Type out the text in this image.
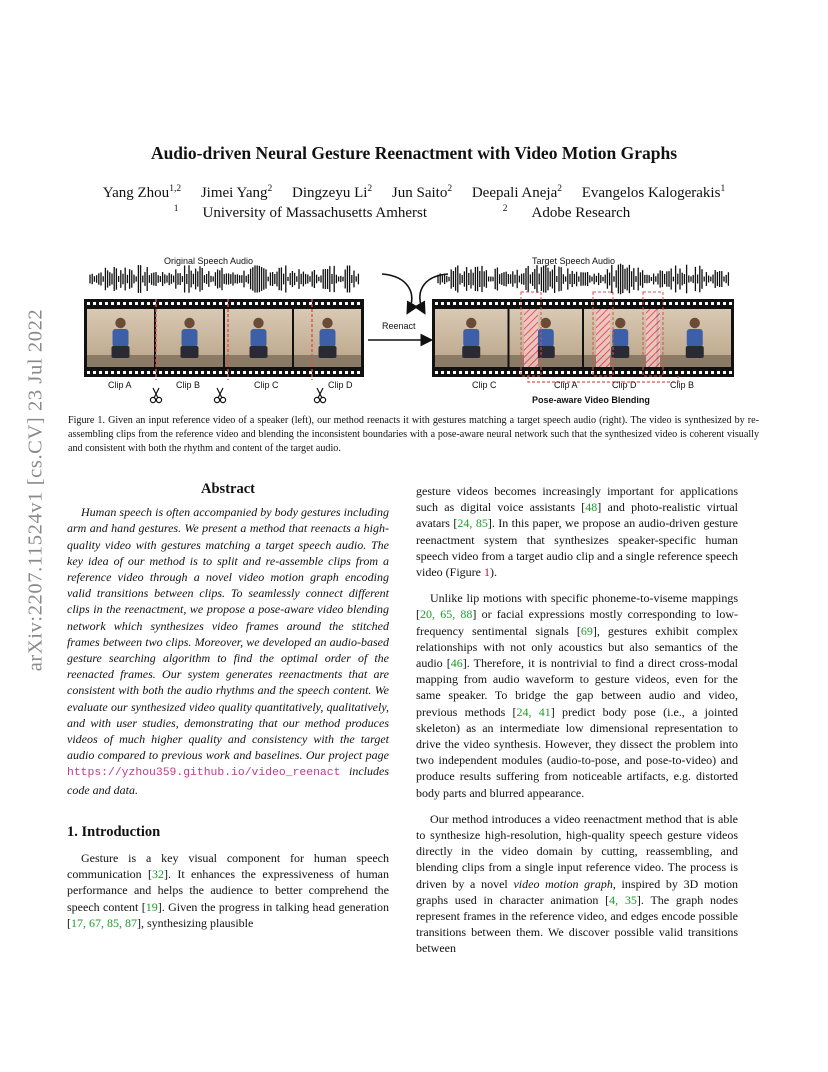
arXiv:2207.11524v1 [cs.CV] 23 Jul 2022
Audio-driven Neural Gesture Reenactment with Video Motion Graphs
Yang Zhou$^{1,2}$ Jimei Yang$^2$ Dingzeyu Li$^2$ Jun Saito$^2$ Deepali Aneja$^2$ Evangelos Kalogerakis$^1$
$^1$ University of Massachusetts Amherst	$^2$ Adobe Research
Original Speech Audio	Target Speech Audio
Reenact
Clip A	Clip B	Clip C	Clip D	Clip C	Clip A	Clip D	Clip B
Pose-aware Video Blending
Figure 1. Given an input reference video of a speaker (left), our method reenacts it with gestures matching a target speech audio (right). The video is synthesized by re-assembling clips from the reference video and blending the inconsistent boundaries with a pose-aware neural network such that the synthesized video is coherent visually and consistent with both the rhythm and content of the target audio.
Abstract

Human speech is often accompanied by body gestures including arm and hand gestures. We present a method that reenacts a high-quality video with gestures matching a target speech audio. The key idea of our method is to split and re-assemble clips from a reference video through a novel video motion graph encoding valid transitions between clips. To seamlessly connect different clips in the reenactment, we propose a pose-aware video blending network which synthesizes video frames around the stitched frames between two clips. Moreover, we developed an audio-based gesture searching algorithm to find the optimal order of the reenacted frames. Our system generates reenactments that are consistent with both the audio rhythms and the speech content. We evaluate our synthesized video quality quantitatively, qualitatively, and with user studies, demonstrating that our method produces videos of much higher quality and consistency with the target audio compared to previous work and baselines. Our project page https://yzhou359.github.io/video_reenact includes code and data.

1. Introduction

Gesture is a key visual component for human speech communication [32]. It enhances the expressiveness of human performance and helps the audience to better comprehend the speech content [19]. Given the progress in talking head generation [17, 67, 85, 87], synthesizing plausible

gesture videos becomes increasingly important for applications such as digital voice assistants [48] and photo-realistic virtual avatars [24, 85]. In this paper, we propose an audio-driven gesture reenactment system that synthesizes speaker-specific human speech video from a target audio clip and a single reference speech video (Figure 1).

Unlike lip motions with specific phoneme-to-viseme mappings [20, 65, 88] or facial expressions mostly corresponding to low-frequency sentimental signals [69], gestures exhibit complex relationships with not only acoustics but also semantics of the audio [46]. Therefore, it is nontrivial to find a direct cross-modal mapping from audio waveform to gesture videos, even for the same speaker. To bridge the gap between audio and video, previous methods [24, 41] predict body pose (i.e., a jointed skeleton) as an intermediate low dimensional representation to drive the video synthesis. However, they dissect the problem into two independent modules (audio-to-pose, and pose-to-video) and produce results suffering from noticeable artifacts, e.g. distorted body parts and blurred appearance.

Our method introduces a video reenactment method that is able to synthesize high-resolution, high-quality speech gesture videos directly in the video domain by cutting, reassembling, and blending clips from a single input reference video. The process is driven by a novel video motion graph, inspired by 3D motion graphs used in character animation [4, 35]. The graph nodes represent frames in the reference video, and edges encode possible transitions between them. We discover possible valid transitions between
